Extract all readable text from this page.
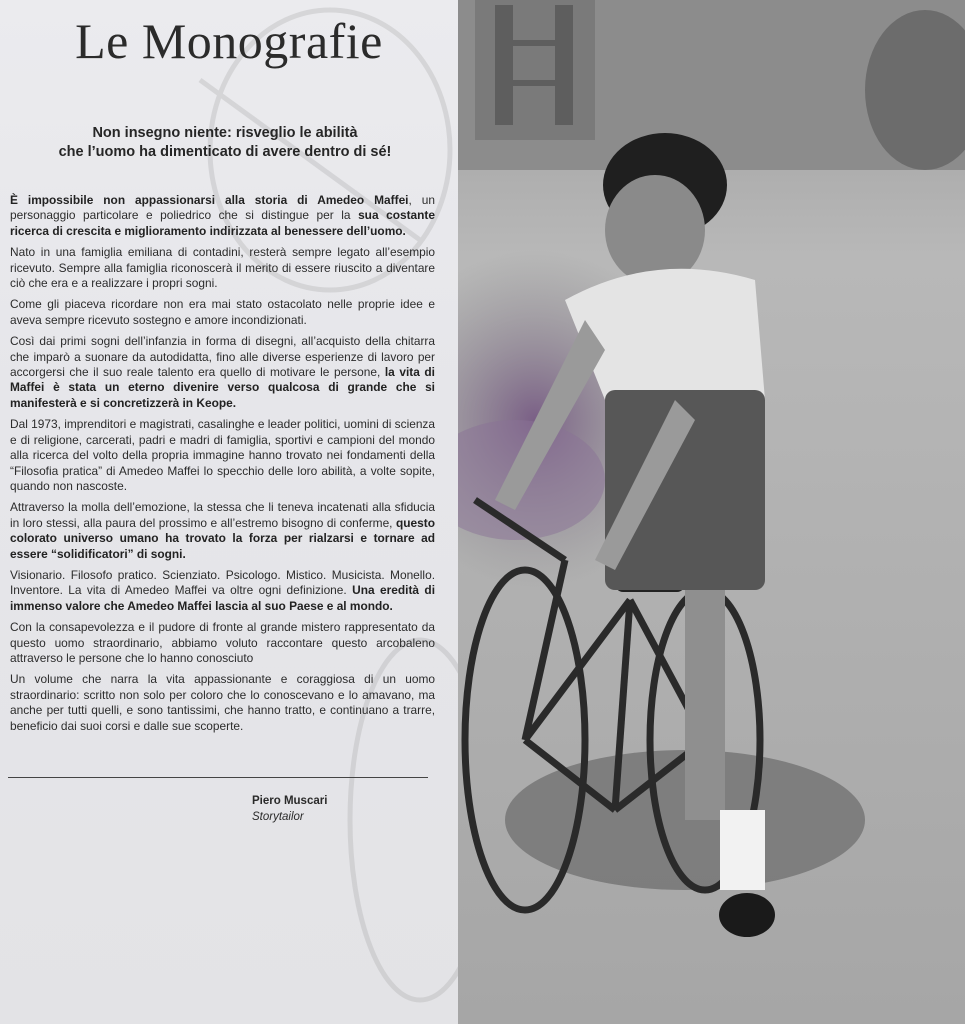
Le Monografie
Non insegno niente: risveglio le abilità
che l’uomo ha dimenticato di avere dentro di sé!

È impossibile non appassionarsi alla storia di Amedeo Maffei, un personaggio particolare e poliedrico che si distingue per la sua costante ricerca di crescita e miglioramento indirizzata al benessere dell’uomo.

Nato in una famiglia emiliana di contadini, resterà sempre legato all’esempio ricevuto. Sempre alla famiglia riconoscerà il merito di essere riuscito a diventare ciò che era e a realizzare i propri sogni.

Come gli piaceva ricordare non era mai stato ostacolato nelle proprie idee e aveva sempre ricevuto sostegno e amore incondizionati.

Così dai primi sogni dell’infanzia in forma di disegni, all’acquisto della chitarra che imparò a suonare da autodidatta, fino alle diverse esperienze di lavoro per accorgersi che il suo reale talento era quello di motivare le persone, la vita di Maffei è stata un eterno divenire verso qualcosa di grande che si manifesterà e si concretizzerà in Keope.

Dal 1973, imprenditori e magistrati, casalinghe e leader politici, uomini di scienza e di religione, carcerati, padri e madri di famiglia, sportivi e campioni del mondo alla ricerca del volto della propria immagine hanno trovato nei fondamenti della “Filosofia pratica” di Amedeo Maffei lo specchio delle loro abilità, a volte sopite, quando non nascoste.

Attraverso la molla dell’emozione, la stessa che li teneva incatenati alla sfiducia in loro stessi, alla paura del prossimo e all’estremo bisogno di conferme, questo colorato universo umano ha trovato la forza per rialzarsi e tornare ad essere “solidificatori” di sogni.

Visionario. Filosofo pratico. Scienziato. Psicologo. Mistico. Musicista. Monello. Inventore. La vita di Amedeo Maffei va oltre ogni definizione. Una eredità di immenso valore che Amedeo Maffei lascia al suo Paese e al mondo.

Con la consapevolezza e il pudore di fronte al grande mistero rappresentato da questo uomo straordinario, abbiamo voluto raccontare questo arcobaleno attraverso le persone che lo hanno conosciuto

Un volume che narra la vita appassionante e coraggiosa di un uomo straordinario: scritto non solo per coloro che lo conoscevano e lo amavano, ma anche per tutti quelli, e sono tantissimi, che hanno tratto, e continuano a trarre, beneficio dai suoi corsi e dalle sue scoperte.

Piero Muscari
Storytailor
